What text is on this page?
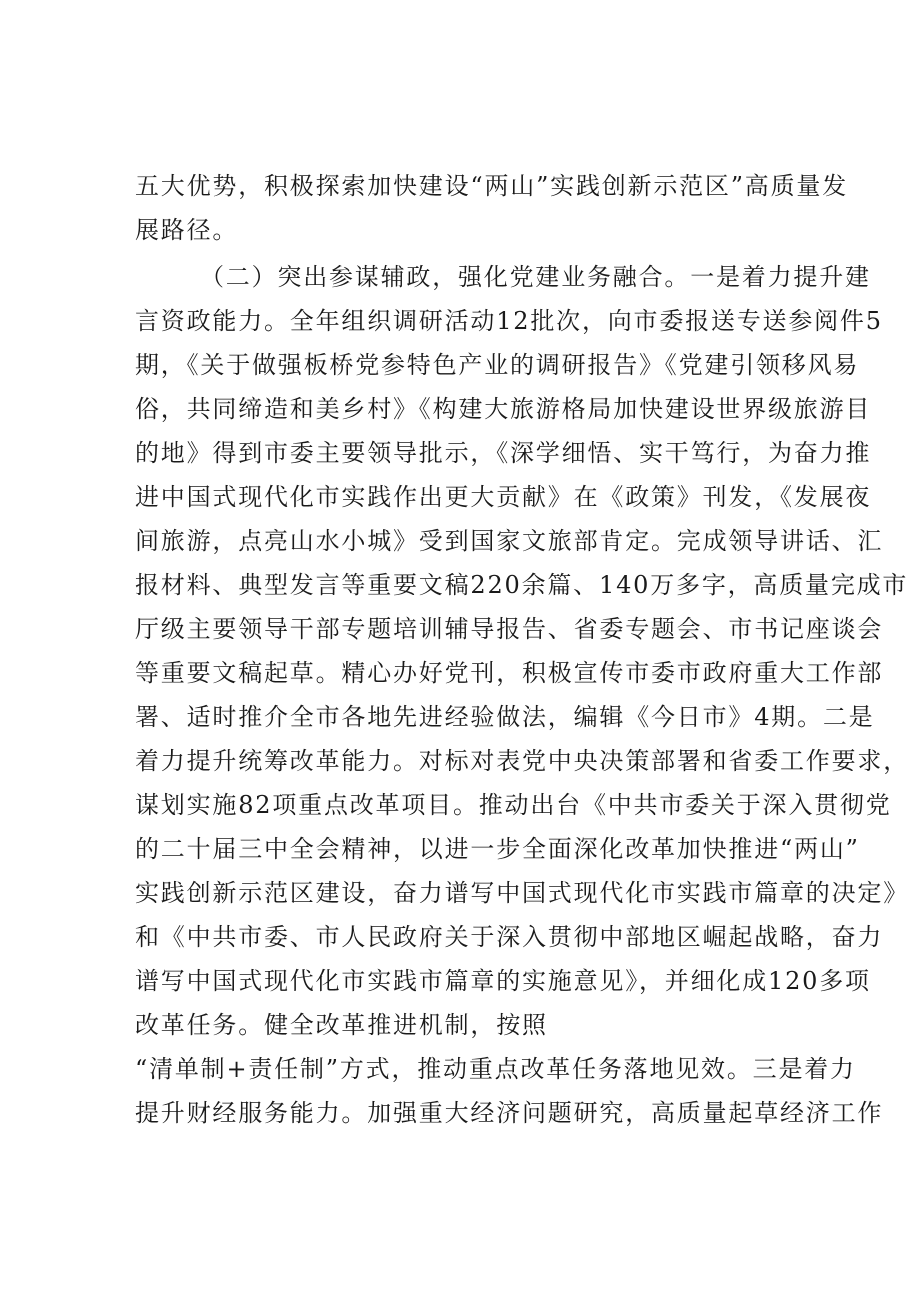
五大优势，积极探索加快建设“两山”实践创新示范区”高质量发
展路径。
（二）突出参谋辅政，强化党建业务融合。一是着力提升建
言资政能力。全年组织调研活动12批次，向市委报送专送参阅件5
期，《关于做强板桥党参特色产业的调研报告》《党建引领移风易
俗，共同缔造和美乡村》《构建大旅游格局加快建设世界级旅游目
的地》得到市委主要领导批示，《深学细悟、实干笃行，为奋力推
进中国式现代化市实践作出更大贡献》在《政策》刊发，《发展夜
间旅游，点亮山水小城》受到国家文旅部肯定。完成领导讲话、汇
报材料、典型发言等重要文稿220余篇、140万多字，高质量完成市
厅级主要领导干部专题培训辅导报告、省委专题会、市书记座谈会
等重要文稿起草。精心办好党刊，积极宣传市委市政府重大工作部
署、适时推介全市各地先进经验做法，编辑《今日市》4期。二是
着力提升统筹改革能力。对标对表党中央决策部署和省委工作要求，
谋划实施82项重点改革项目。推动出台《中共市委关于深入贯彻党
的二十届三中全会精神，以进一步全面深化改革加快推进“两山”
实践创新示范区建设，奋力谱写中国式现代化市实践市篇章的决定》
和《中共市委、市人民政府关于深入贯彻中部地区崛起战略，奋力
谱写中国式现代化市实践市篇章的实施意见》，并细化成120多项
改革任务。健全改革推进机制，按照
“清单制+责任制”方式，推动重点改革任务落地见效。三是着力
提升财经服务能力。加强重大经济问题研究，高质量起草经济工作
